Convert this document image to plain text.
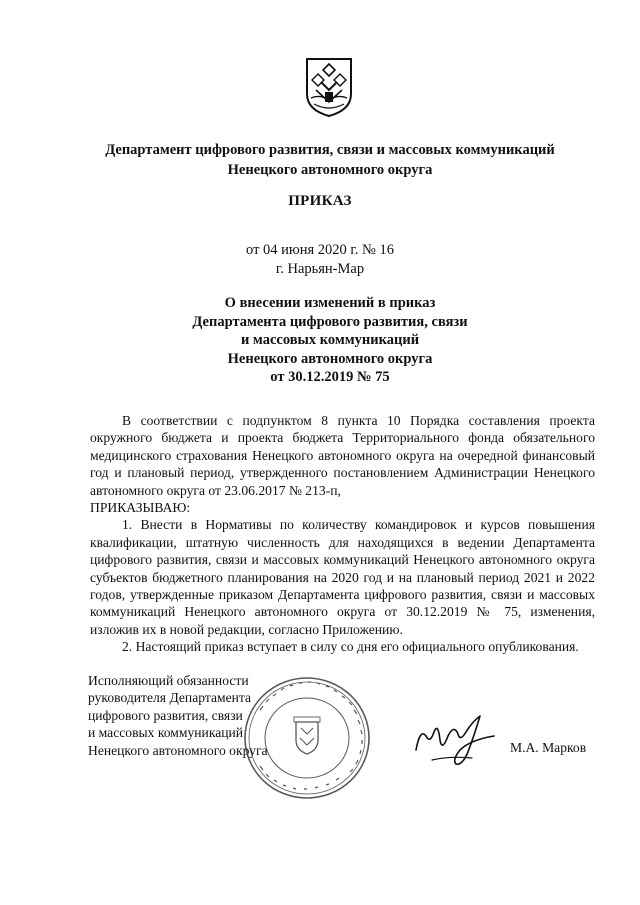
Департамент цифрового развития, связи и массовых коммуникаций
Ненецкого автономного округа
ПРИКАЗ
от 04 июня 2020 г. № 16
г. Нарьян-Мар
О внесении изменений в приказ
Департамента цифрового развития, связи
и массовых коммуникаций
Ненецкого автономного округа
от 30.12.2019 № 75

В соответствии с подпунктом 8 пункта 10 Порядка составления проекта окружного бюджета и проекта бюджета Территориального фонда обязательного медицинского страхования Ненецкого автономного округа на очередной финансовый год и плановый период, утвержденного постановлением Администрации Ненецкого автономного округа от 23.06.2017 № 213-п,

ПРИКАЗЫВАЮ:

1. Внести в Нормативы по количеству командировок и курсов повышения квалификации, штатную численность для находящихся в ведении Департамента цифрового развития, связи и массовых коммуникаций Ненецкого автономного округа субъектов бюджетного планирования на 2020 год и на плановый период 2021 и 2022 годов, утвержденные приказом Департамента цифрового развития, связи и массовых коммуникаций Ненецкого автономного округа от 30.12.2019 № 75, изменения, изложив их в новой редакции, согласно Приложению.

2. Настоящий приказ вступает в силу со дня его официального опубликования.

Исполняющий обязанности
руководителя Департамента
цифрового развития, связи
и массовых коммуникаций
Ненецкого автономного округа	М.А. Марков
